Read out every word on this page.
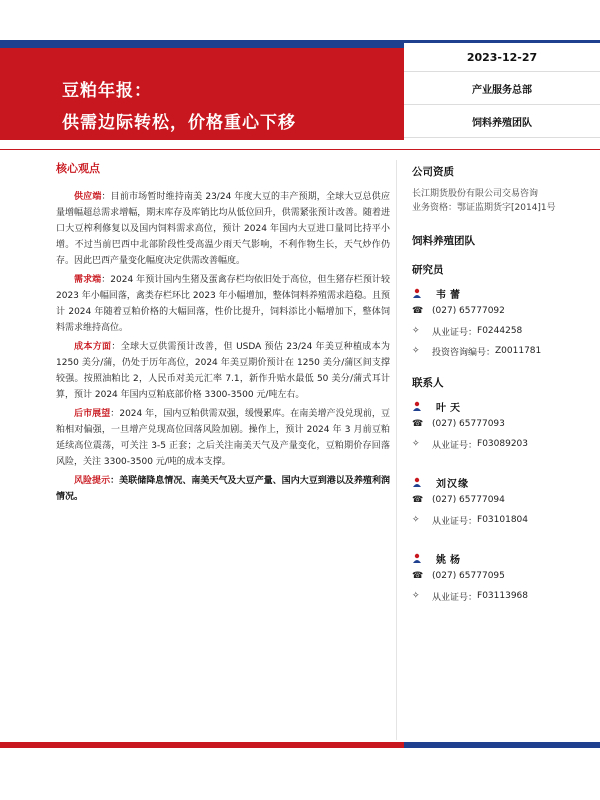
豆粕年报：
供需边际转松，价格重心下移
2023-12-27
产业服务总部
饲料养殖团队
核心观点

供应端：目前市场暂时维持南美 23/24 年度大豆的丰产预期，全球大豆总供应量增幅超总需求增幅，期末库存及库销比均从低位回升，供需紧张预计改善。随着进口大豆榨利修复以及国内饲料需求高位，预计 2024 年国内大豆进口量同比持平小增。不过当前巴西中北部阶段性受高温少雨天气影响，不利作物生长，天气炒作仍存。因此巴西产量变化幅度决定供需改善幅度。

需求端：2024 年预计国内生猪及蛋禽存栏均依旧处于高位，但生猪存栏预计较 2023 年小幅回落，禽类存栏环比 2023 年小幅增加，整体饲料养殖需求趋稳。且预计 2024 年随着豆粕价格的大幅回落，性价比提升，饲料添比小幅增加下，整体饲料需求维持高位。

成本方面：全球大豆供需预计改善，但 USDA 预估 23/24 年美豆种植成本为 1250 美分/蒲，仍处于历年高位，2024 年美豆期价预计在 1250 美分/蒲区间支撑较强。按照油粕比 2，人民币对美元汇率 7.1，新作升贴水最低 50 美分/蒲式耳计算，预计 2024 年国内豆粕底部价格 3300-3500 元/吨左右。

后市展望：2024 年，国内豆粕供需双强，缓慢累库。在南美增产没兑现前，豆粕相对偏强，一旦增产兑现高位回落风险加剧。操作上，预计 2024 年 3 月前豆粕延续高位震荡，可关注 3-5 正套；之后关注南美天气及产量变化，豆粕期价存回落风险，关注 3300-3500 元/吨的成本支撑。

风险提示：美联储降息情况、南美天气及大豆产量、国内大豆到港以及养殖利润情况。

公司资质
长江期货股份有限公司交易咨询
业务资格：鄂证监期货字[2014]1号
饲料养殖团队
研究员
韦蕾
☎ (027) 65777092
✧	从业证号： F0244258
✧	投资咨询编号： Z0011781
联系人
叶天
☎ (027) 65777093
✧	从业证号： F03089203
刘汉缘
☎ (027) 65777094
✧	从业证号： F03101804
姚杨
☎ (027) 65777095
✧	从业证号： F03113968
